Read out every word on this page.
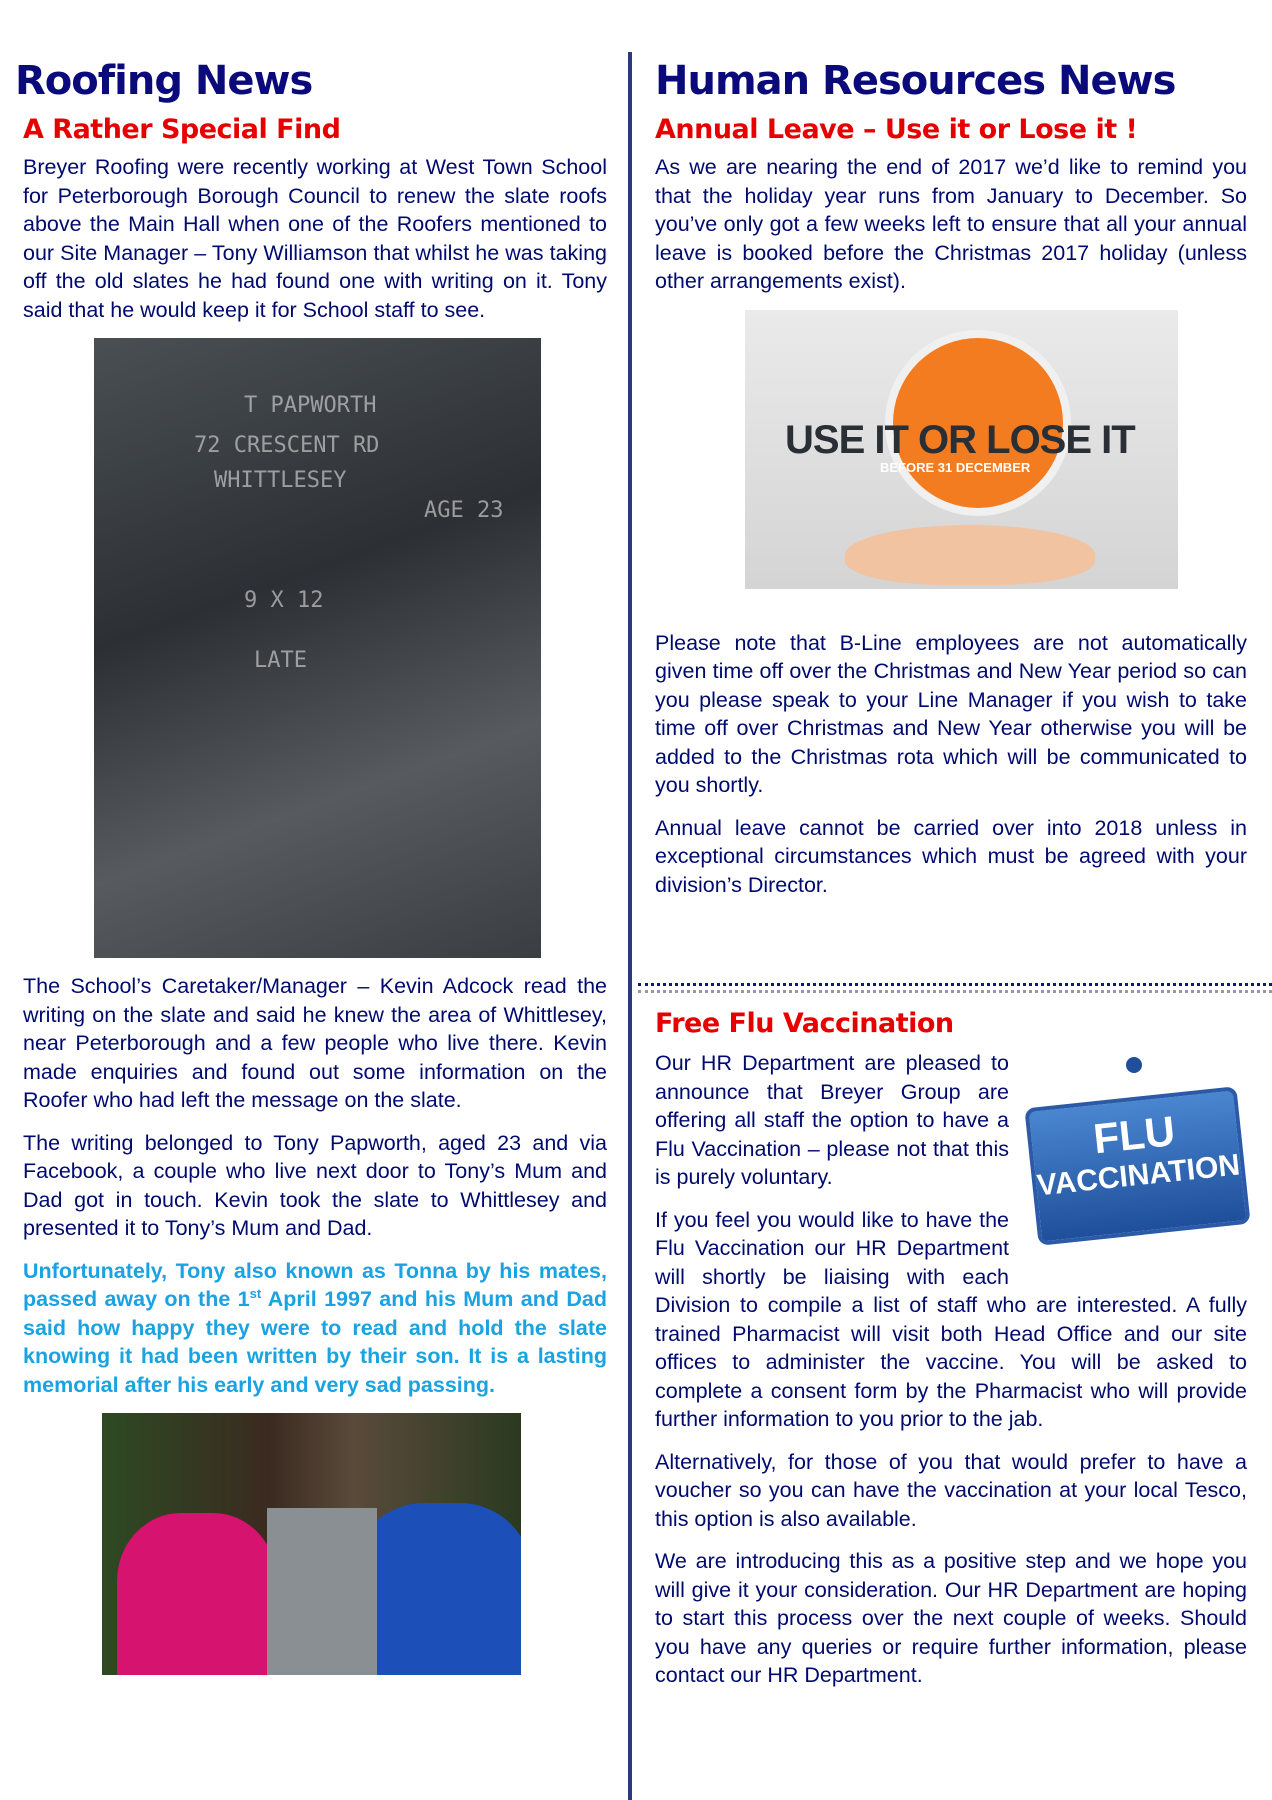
Roofing News
A Rather Special Find

Breyer Roofing were recently working at West Town School for Peterborough Borough Council to renew the slate roofs above the Main Hall when one of the Roofers mentioned to our Site Manager – Tony Williamson that whilst he was taking off the old slates he had found one with writing on it. Tony said that he would keep it for School staff to see.

T PAPWORTH
72 CRESCENT RD
WHITTLESEY
AGE 23
9 X 12
LATE

The School’s Caretaker/Manager – Kevin Adcock read the writing on the slate and said he knew the area of Whittlesey, near Peterborough and a few people who live there. Kevin made enquiries and found out some information on the Roofer who had left the message on the slate.

The writing belonged to Tony Papworth, aged 23 and via Facebook, a couple who live next door to Tony’s Mum and Dad got in touch. Kevin took the slate to Whittlesey and presented it to Tony’s Mum and Dad.

Unfortunately, Tony also known as Tonna by his mates, passed away on the 1st April 1997 and his Mum and Dad said how happy they were to read and hold the slate knowing it had been written by their son. It is a lasting memorial after his early and very sad passing.

Human Resources News
Annual Leave – Use it or Lose it !

As we are nearing the end of 2017 we’d like to remind you that the holiday year runs from January to December. So you’ve only got a few weeks left to ensure that all your annual leave is booked before the Christmas 2017 holiday (unless other arrangements exist).

USE IT OR LOSE IT
BEFORE 31 DECEMBER

Please note that B-Line employees are not automatically given time off over the Christmas and New Year period so can you please speak to your Line Manager if you wish to take time off over Christmas and New Year otherwise you will be added to the Christmas rota which will be communicated to you shortly.

Annual leave cannot be carried over into 2018 unless in exceptional circumstances which must be agreed with your division’s Director.

Free Flu Vaccination
FLU
VACCINATION

Our HR Department are pleased to announce that Breyer Group are offering all staff the option to have a Flu Vaccination – please not that this is purely voluntary.

If you feel you would like to have the Flu Vaccination our HR Department will shortly be liaising with each Division to compile a list of staff who are interested. A fully trained Pharmacist will visit both Head Office and our site offices to administer the vaccine. You will be asked to complete a consent form by the Pharmacist who will provide further information to you prior to the jab.

Alternatively, for those of you that would prefer to have a voucher so you can have the vaccination at your local Tesco, this option is also available.

We are introducing this as a positive step and we hope you will give it your consideration. Our HR Department are hoping to start this process over the next couple of weeks. Should you have any queries or require further information, please contact our HR Department.
